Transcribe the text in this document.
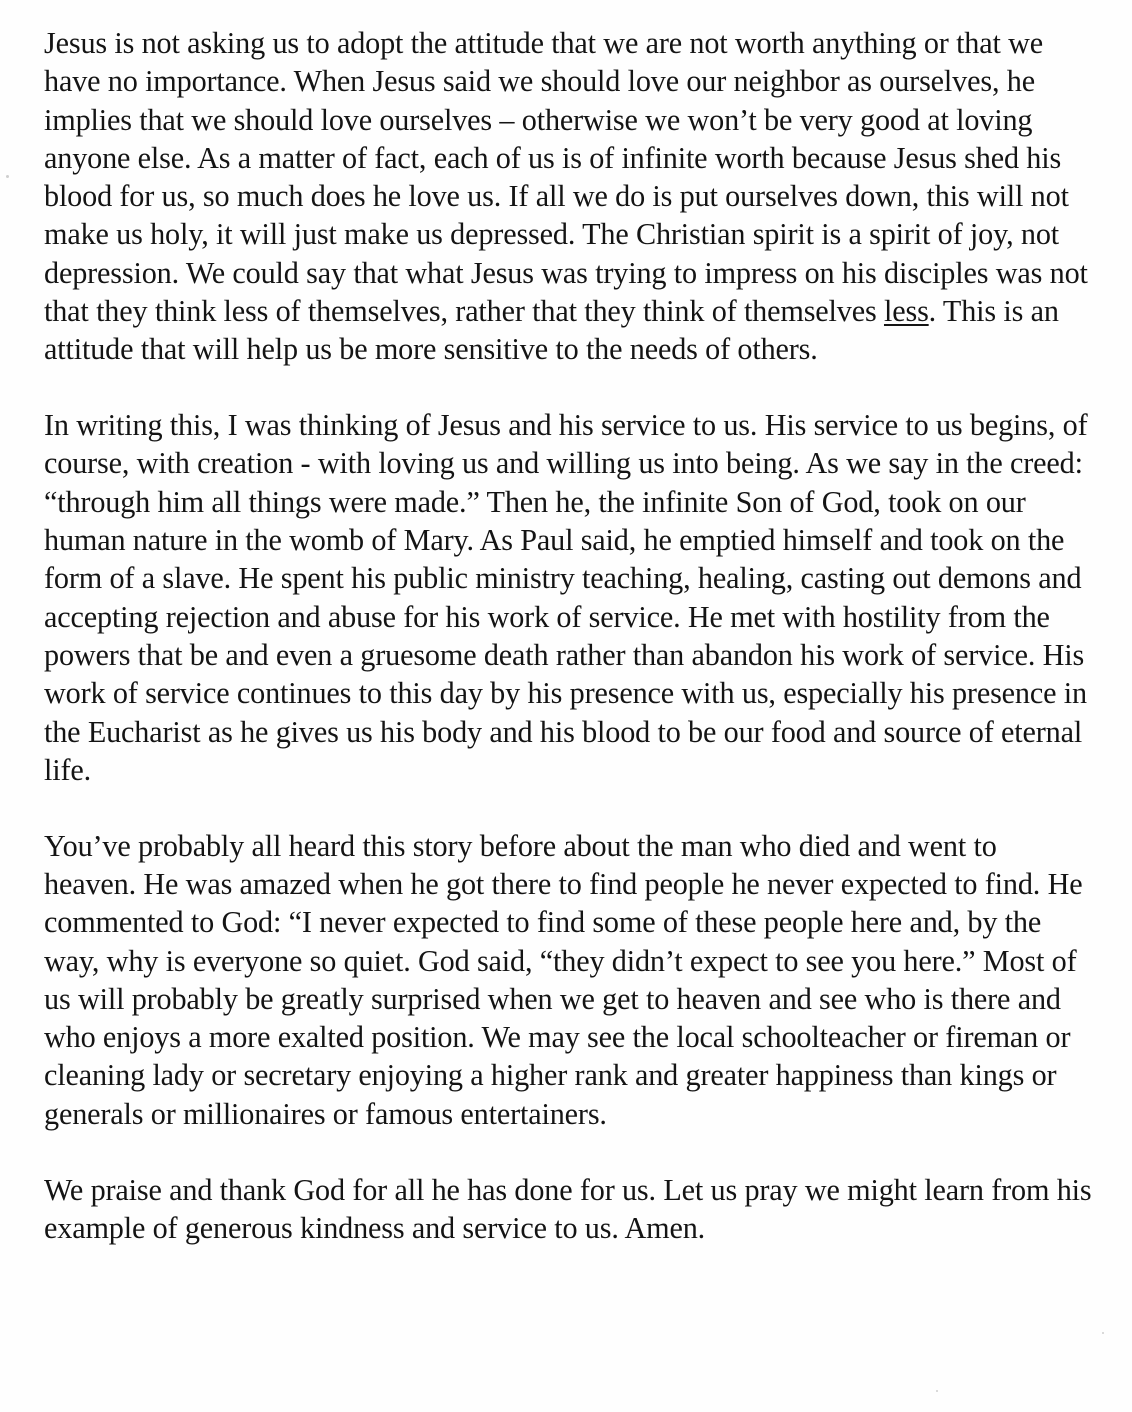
Jesus is not asking us to adopt the attitude that we are not worth anything or that we have no importance. When Jesus said we should love our neighbor as ourselves, he implies that we should love ourselves – otherwise we won’t be very good at loving anyone else. As a matter of fact, each of us is of infinite worth because Jesus shed his blood for us, so much does he love us. If all we do is put ourselves down, this will not make us holy, it will just make us depressed. The Christian spirit is a spirit of joy, not depression. We could say that what Jesus was trying to impress on his disciples was not that they think less of themselves, rather that they think of themselves less. This is an attitude that will help us be more sensitive to the needs of others.

In writing this, I was thinking of Jesus and his service to us. His service to us begins, of course, with creation - with loving us and willing us into being. As we say in the creed: “through him all things were made.” Then he, the infinite Son of God, took on our human nature in the womb of Mary. As Paul said, he emptied himself and took on the form of a slave. He spent his public ministry teaching, healing, casting out demons and accepting rejection and abuse for his work of service. He met with hostility from the powers that be and even a gruesome death rather than abandon his work of service. His work of service continues to this day by his presence with us, especially his presence in the Eucharist as he gives us his body and his blood to be our food and source of eternal life.

You’ve probably all heard this story before about the man who died and went to heaven. He was amazed when he got there to find people he never expected to find. He commented to God: “I never expected to find some of these people here and, by the way, why is everyone so quiet. God said, “they didn’t expect to see you here.” Most of us will probably be greatly surprised when we get to heaven and see who is there and who enjoys a more exalted position. We may see the local schoolteacher or fireman or cleaning lady or secretary enjoying a higher rank and greater happiness than kings or generals or millionaires or famous entertainers.

We praise and thank God for all he has done for us. Let us pray we might learn from his example of generous kindness and service to us. Amen.
